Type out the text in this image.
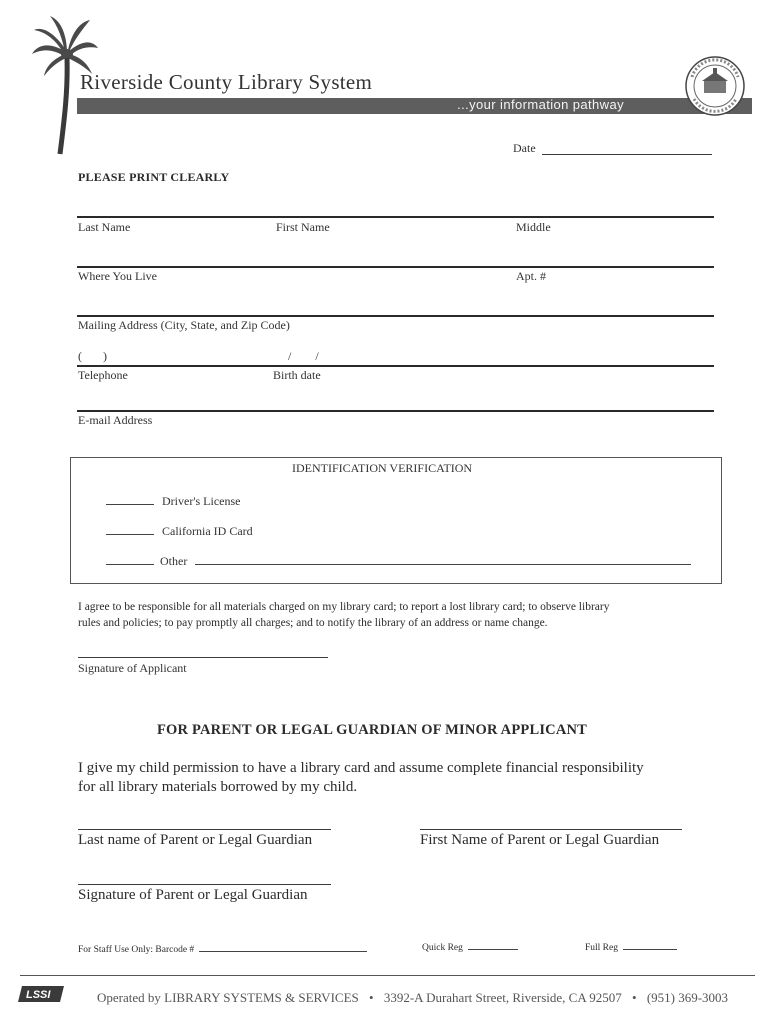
Riverside County Library System
...your information pathway
Date
PLEASE PRINT CLEARLY
Last Name	First Name	Middle
Where You Live	Apt. #
Mailing Address (City, State, and Zip Code)
(       )	/        /
Telephone	Birth date
E-mail Address
IDENTIFICATION VERIFICATION
Driver's License
California ID Card
Other
I agree to be responsible for all materials charged on my library card; to report a lost library card; to observe library
rules and policies; to pay promptly all charges; and to notify the library of an address or name change.
Signature of Applicant
FOR PARENT OR LEGAL GUARDIAN OF MINOR APPLICANT
I give my child permission to have a library card and assume complete financial responsibility
for all library materials borrowed by my child.
Last name of Parent or Legal Guardian	First Name of Parent or Legal Guardian
Signature of Parent or Legal Guardian
For Staff Use Only: Barcode #	Quick Reg	Full Reg
LSSI	Operated by LIBRARY SYSTEMS & SERVICES • 3392-A Durahart Street, Riverside, CA 92507 • (951) 369-3003
